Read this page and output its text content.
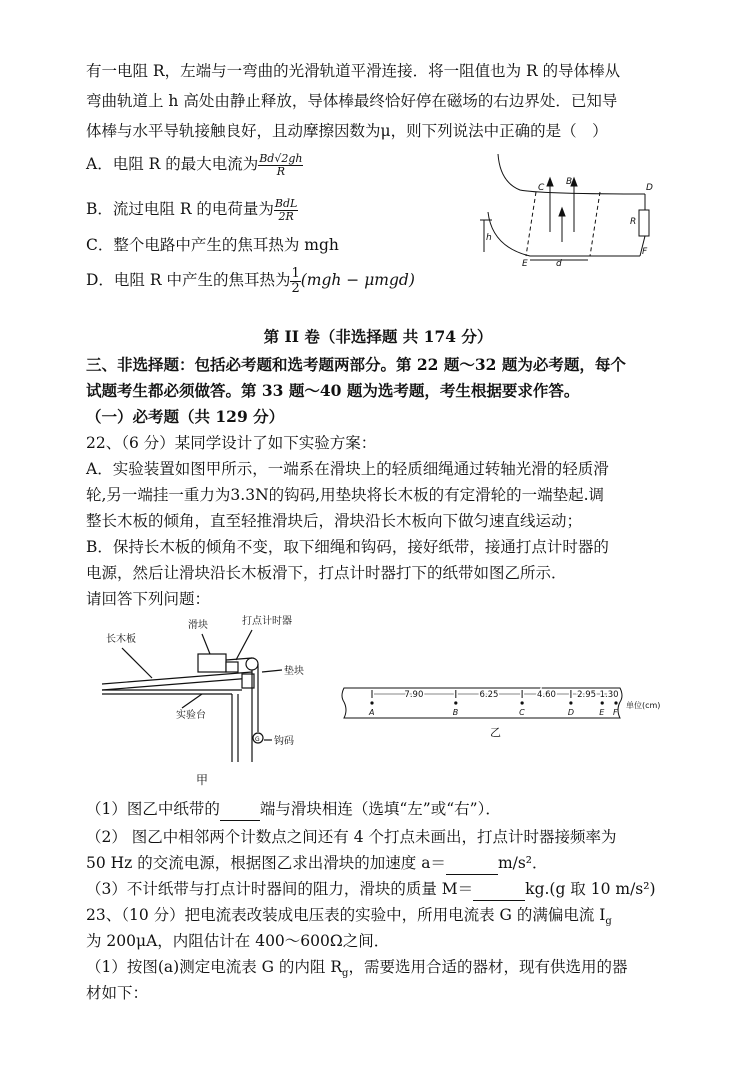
有一电阻 R，左端与一弯曲的光滑轨道平滑连接．将一阻值也为 R 的导体棒从
弯曲轨道上 h 高处由静止释放，导体棒最终恰好停在磁场的右边界处．已知导
体棒与水平导轨接触良好，且动摩擦因数为μ，则下列说法中正确的是（　）
A．电阻 R 的最大电流为 $\frac{Bd√2gh}{R}$
B．流过电阻 R 的电荷量为 $\frac{\text{BdL}}{2R}$
C．整个电路中产生的焦耳热为 mgh
D．电阻 R 中产生的焦耳热为 $\frac{1}{2} (mgh - \mu mgd)$
C
B
D
R
h
E	d
F
第 II 卷（非选择题 共 174 分）
三、非选择题：包括必考题和选考题两部分。第 22 题～32 题为必考题，每个
试题考生都必须做答。第 33 题～40 题为选考题，考生根据要求作答。
（一）必考题（共 129 分）
22、（6 分）某同学设计了如下实验方案：
A．实验装置如图甲所示，一端系在滑块上的轻质细绳通过转轴光滑的轻质滑
轮,另一端挂一重力为3.3N的钩码,用垫块将长木板的有定滑轮的一端垫起.调
整长木板的倾角，直至轻推滑块后，滑块沿长木板向下做匀速直线运动；
B．保持长木板的倾角不变，取下细绳和钩码，接好纸带，接通打点计时器的
电源，然后让滑块沿长木板滑下，打点计时器打下的纸带如图乙所示．
请回答下列问题：
长木板
滑块	打点计时器
垫块
实验台
G 钩码
甲
A	B	C	D	E F
7.90	6.25	4.60 2.95 1.30
单位(cm)
乙
（1）图乙中纸带的	端与滑块相连（选填“左”或“右”）．
（2） 图乙中相邻两个计数点之间还有 4 个打点未画出，打点计时器接频率为
50 Hz 的交流电源，根据图乙求出滑块的加速度 a＝	m/s²．
（3）不计纸带与打点计时器间的阻力，滑块的质量 M＝	kg.(g 取 10 m/s²)
23、（10 分）把电流表改装成电压表的实验中，所用电流表 G 的满偏电流 $I_g$
为 200μA，内阻估计在 400～600Ω之间．
（1）按图(a)测定电流表 G 的内阻 $R_g$，需要选用合适的器材，现有供选用的器
材如下：
